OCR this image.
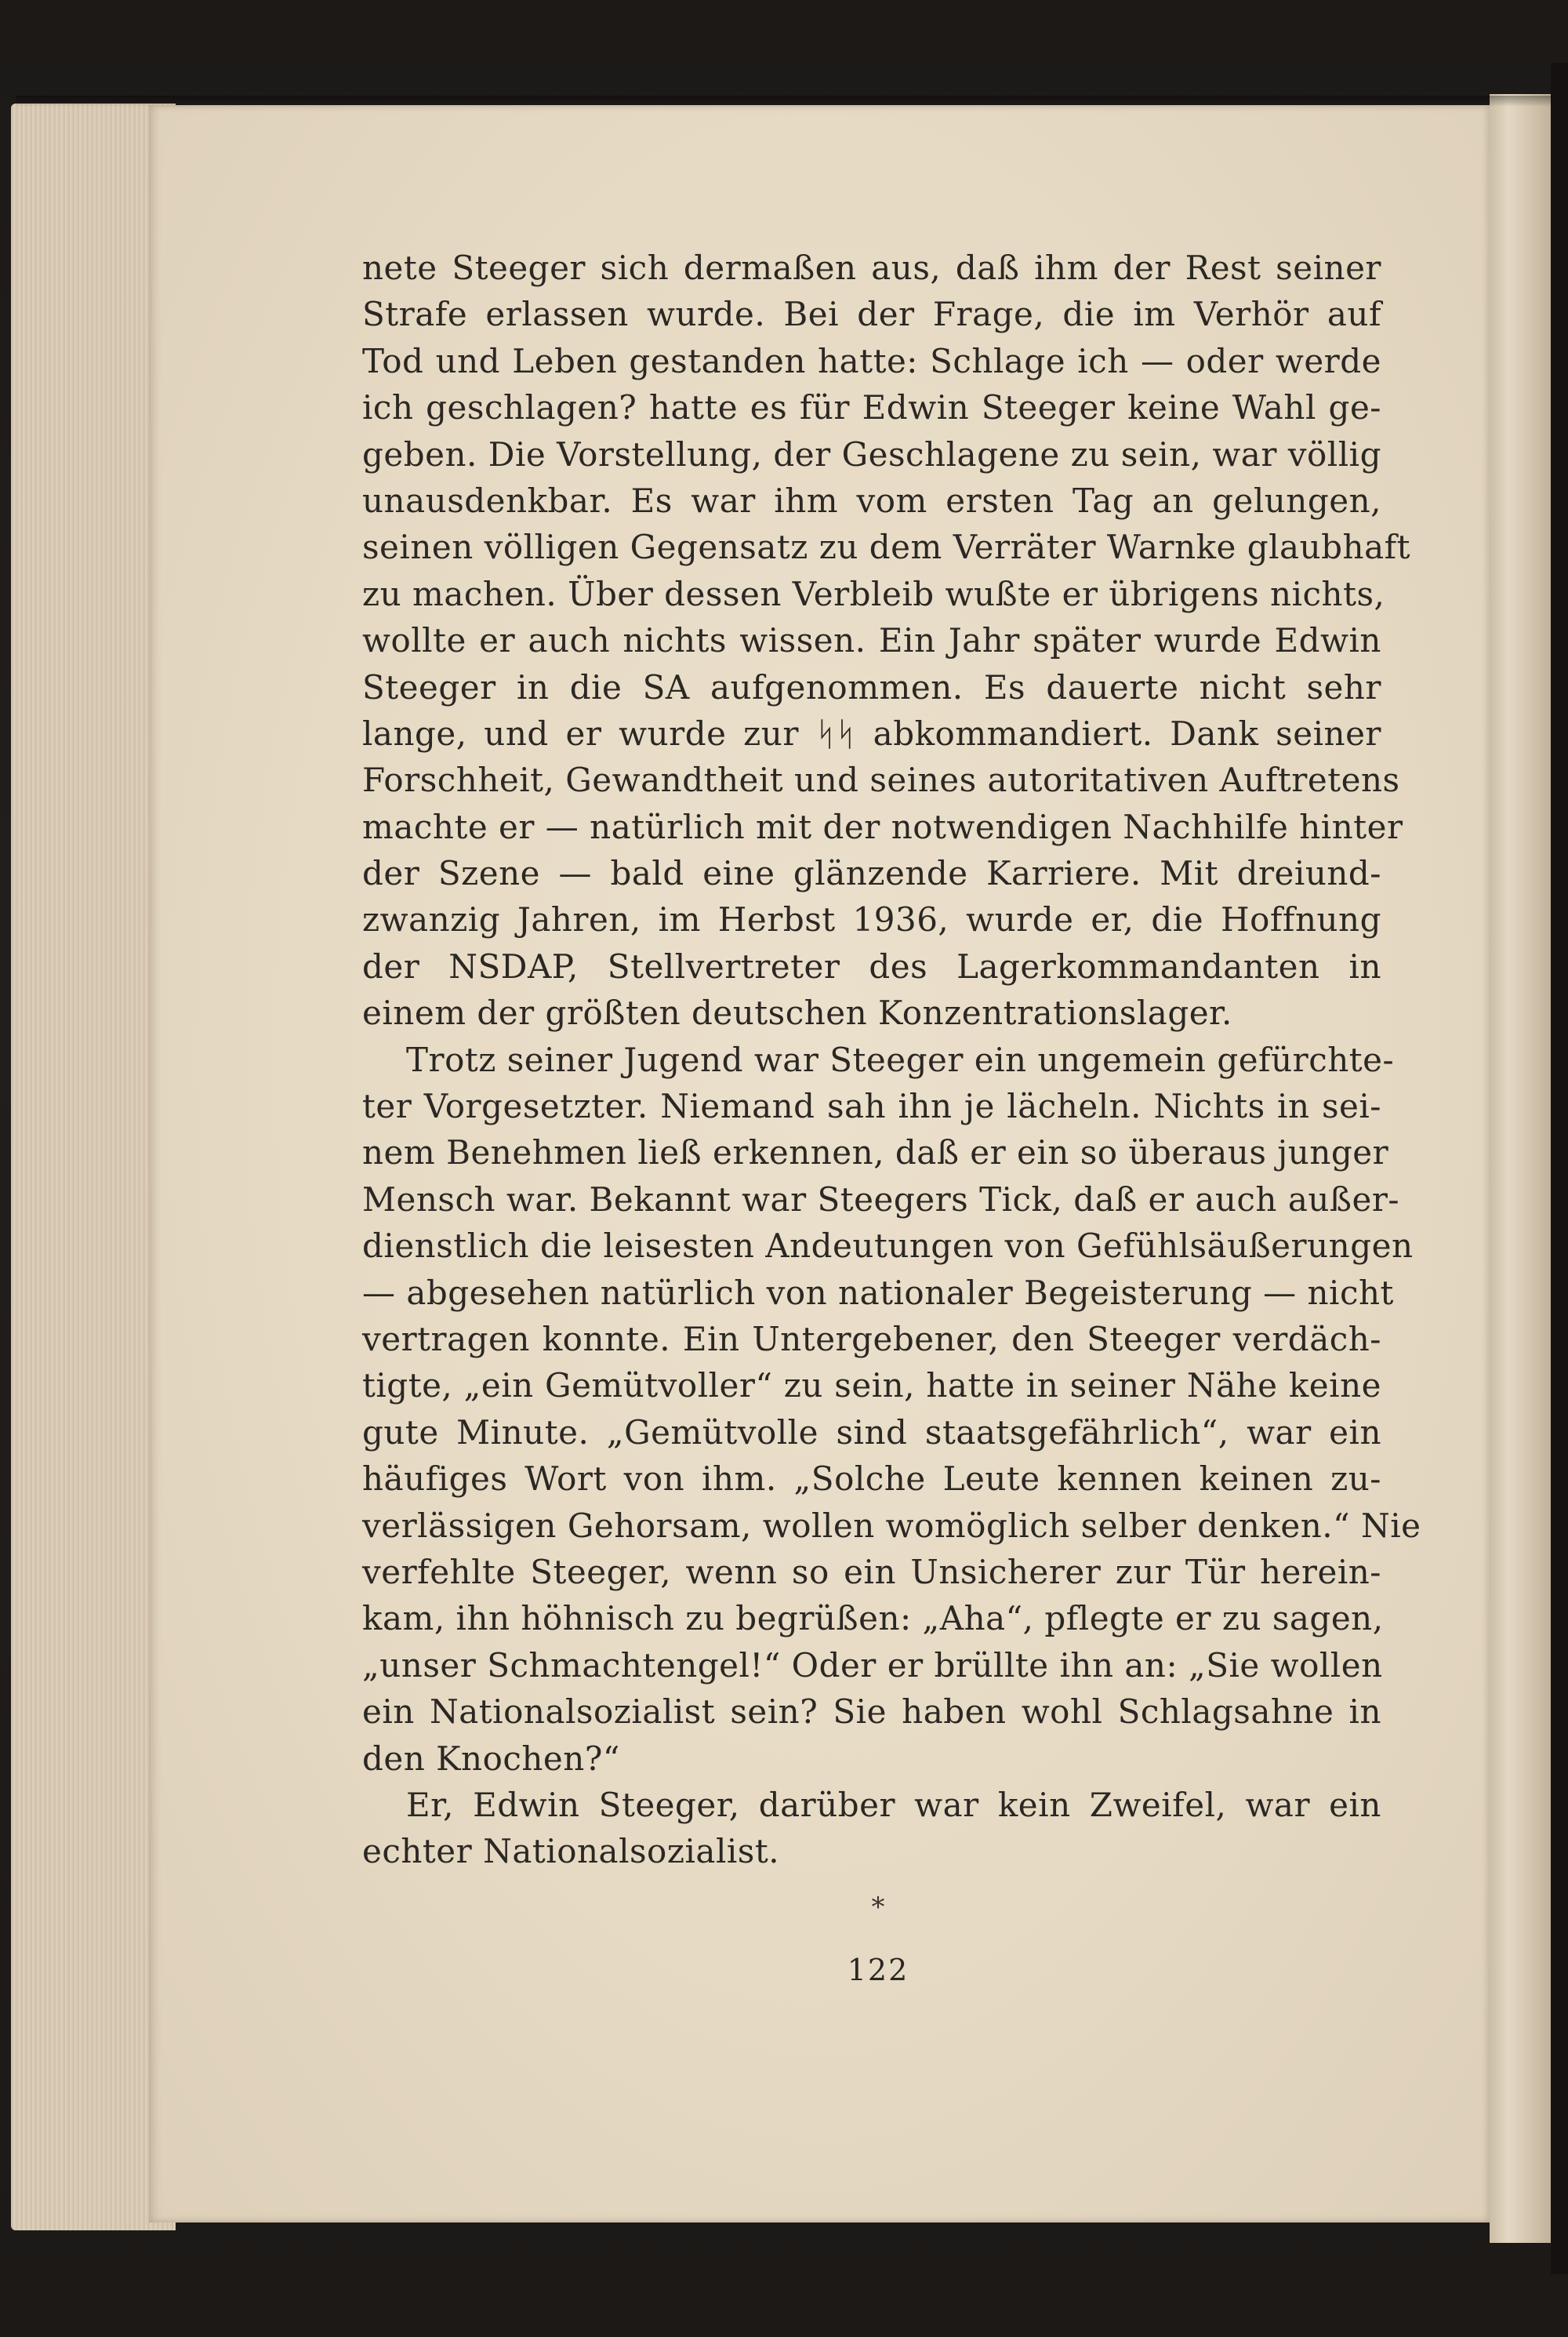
nete Steeger sich dermaßen aus, daß ihm der Rest seiner
Strafe erlassen wurde. Bei der Frage, die im Verhör auf
Tod und Leben gestanden hatte: Schlage ich — oder werde
ich geschlagen? hatte es für Edwin Steeger keine Wahl ge-
geben. Die Vorstellung, der Geschlagene zu sein, war völlig
unausdenkbar. Es war ihm vom ersten Tag an gelungen,
seinen völligen Gegensatz zu dem Verräter Warnke glaubhaft
zu machen. Über dessen Verbleib wußte er übrigens nichts,
wollte er auch nichts wissen. Ein Jahr später wurde Edwin
Steeger in die SA aufgenommen. Es dauerte nicht sehr
lange, und er wurde zur ᛋᛋ abkommandiert. Dank seiner
Forschheit, Gewandtheit und seines autoritativen Auftretens
machte er — natürlich mit der notwendigen Nachhilfe hinter
der Szene — bald eine glänzende Karriere. Mit dreiund-
zwanzig Jahren, im Herbst 1936, wurde er, die Hoffnung
der NSDAP, Stellvertreter des Lagerkommandanten in
einem der größten deutschen Konzentrationslager.
Trotz seiner Jugend war Steeger ein ungemein gefürchte-
ter Vorgesetzter. Niemand sah ihn je lächeln. Nichts in sei-
nem Benehmen ließ erkennen, daß er ein so überaus junger
Mensch war. Bekannt war Steegers Tick, daß er auch außer-
dienstlich die leisesten Andeutungen von Gefühlsäußerungen
— abgesehen natürlich von nationaler Begeisterung — nicht
vertragen konnte. Ein Untergebener, den Steeger verdäch-
tigte, „ein Gemütvoller“ zu sein, hatte in seiner Nähe keine
gute Minute. „Gemütvolle sind staatsgefährlich“, war ein
häufiges Wort von ihm. „Solche Leute kennen keinen zu-
verlässigen Gehorsam, wollen womöglich selber denken.“ Nie
verfehlte Steeger, wenn so ein Unsicherer zur Tür herein-
kam, ihn höhnisch zu begrüßen: „Aha“, pflegte er zu sagen,
„unser Schmachtengel!“ Oder er brüllte ihn an: „Sie wollen
ein Nationalsozialist sein? Sie haben wohl Schlagsahne in
den Knochen?“
Er, Edwin Steeger, darüber war kein Zweifel, war ein
echter Nationalsozialist.
*
122
